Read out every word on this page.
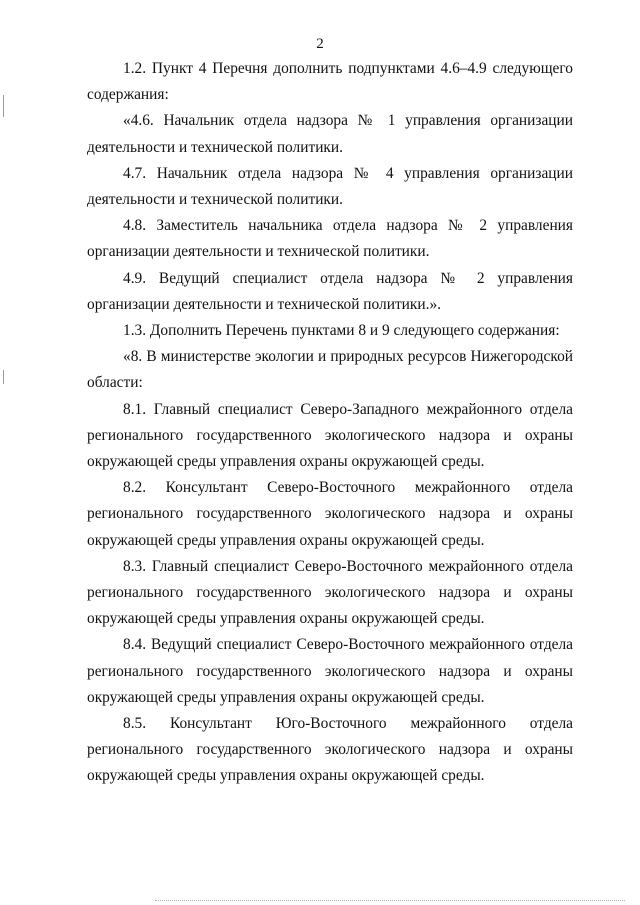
2

1.2. Пункт 4 Перечня дополнить подпунктами 4.6–4.9 следующего содержания:

«4.6. Начальник отдела надзора № 1 управления организации деятельности и технической политики.

4.7. Начальник отдела надзора № 4 управления организации деятельности и технической политики.

4.8. Заместитель начальника отдела надзора № 2 управления организации деятельности и технической политики.

4.9. Ведущий специалист отдела надзора № 2 управления организации деятельности и технической политики.».

1.3. Дополнить Перечень пунктами 8 и 9 следующего содержания:

«8. В министерстве экологии и природных ресурсов Нижегородской области:

8.1. Главный специалист Северо-Западного межрайонного отдела регионального государственного экологического надзора и охраны окружающей среды управления охраны окружающей среды.

8.2. Консультант Северо-Восточного межрайонного отдела регионального государственного экологического надзора и охраны окружающей среды управления охраны окружающей среды.

8.3. Главный специалист Северо-Восточного межрайонного отдела регионального государственного экологического надзора и охраны окружающей среды управления охраны окружающей среды.

8.4. Ведущий специалист Северо-Восточного межрайонного отдела регионального государственного экологического надзора и охраны окружающей среды управления охраны окружающей среды.

8.5. Консультант Юго-Восточного межрайонного отдела регионального государственного экологического надзора и охраны окружающей среды управления охраны окружающей среды.
